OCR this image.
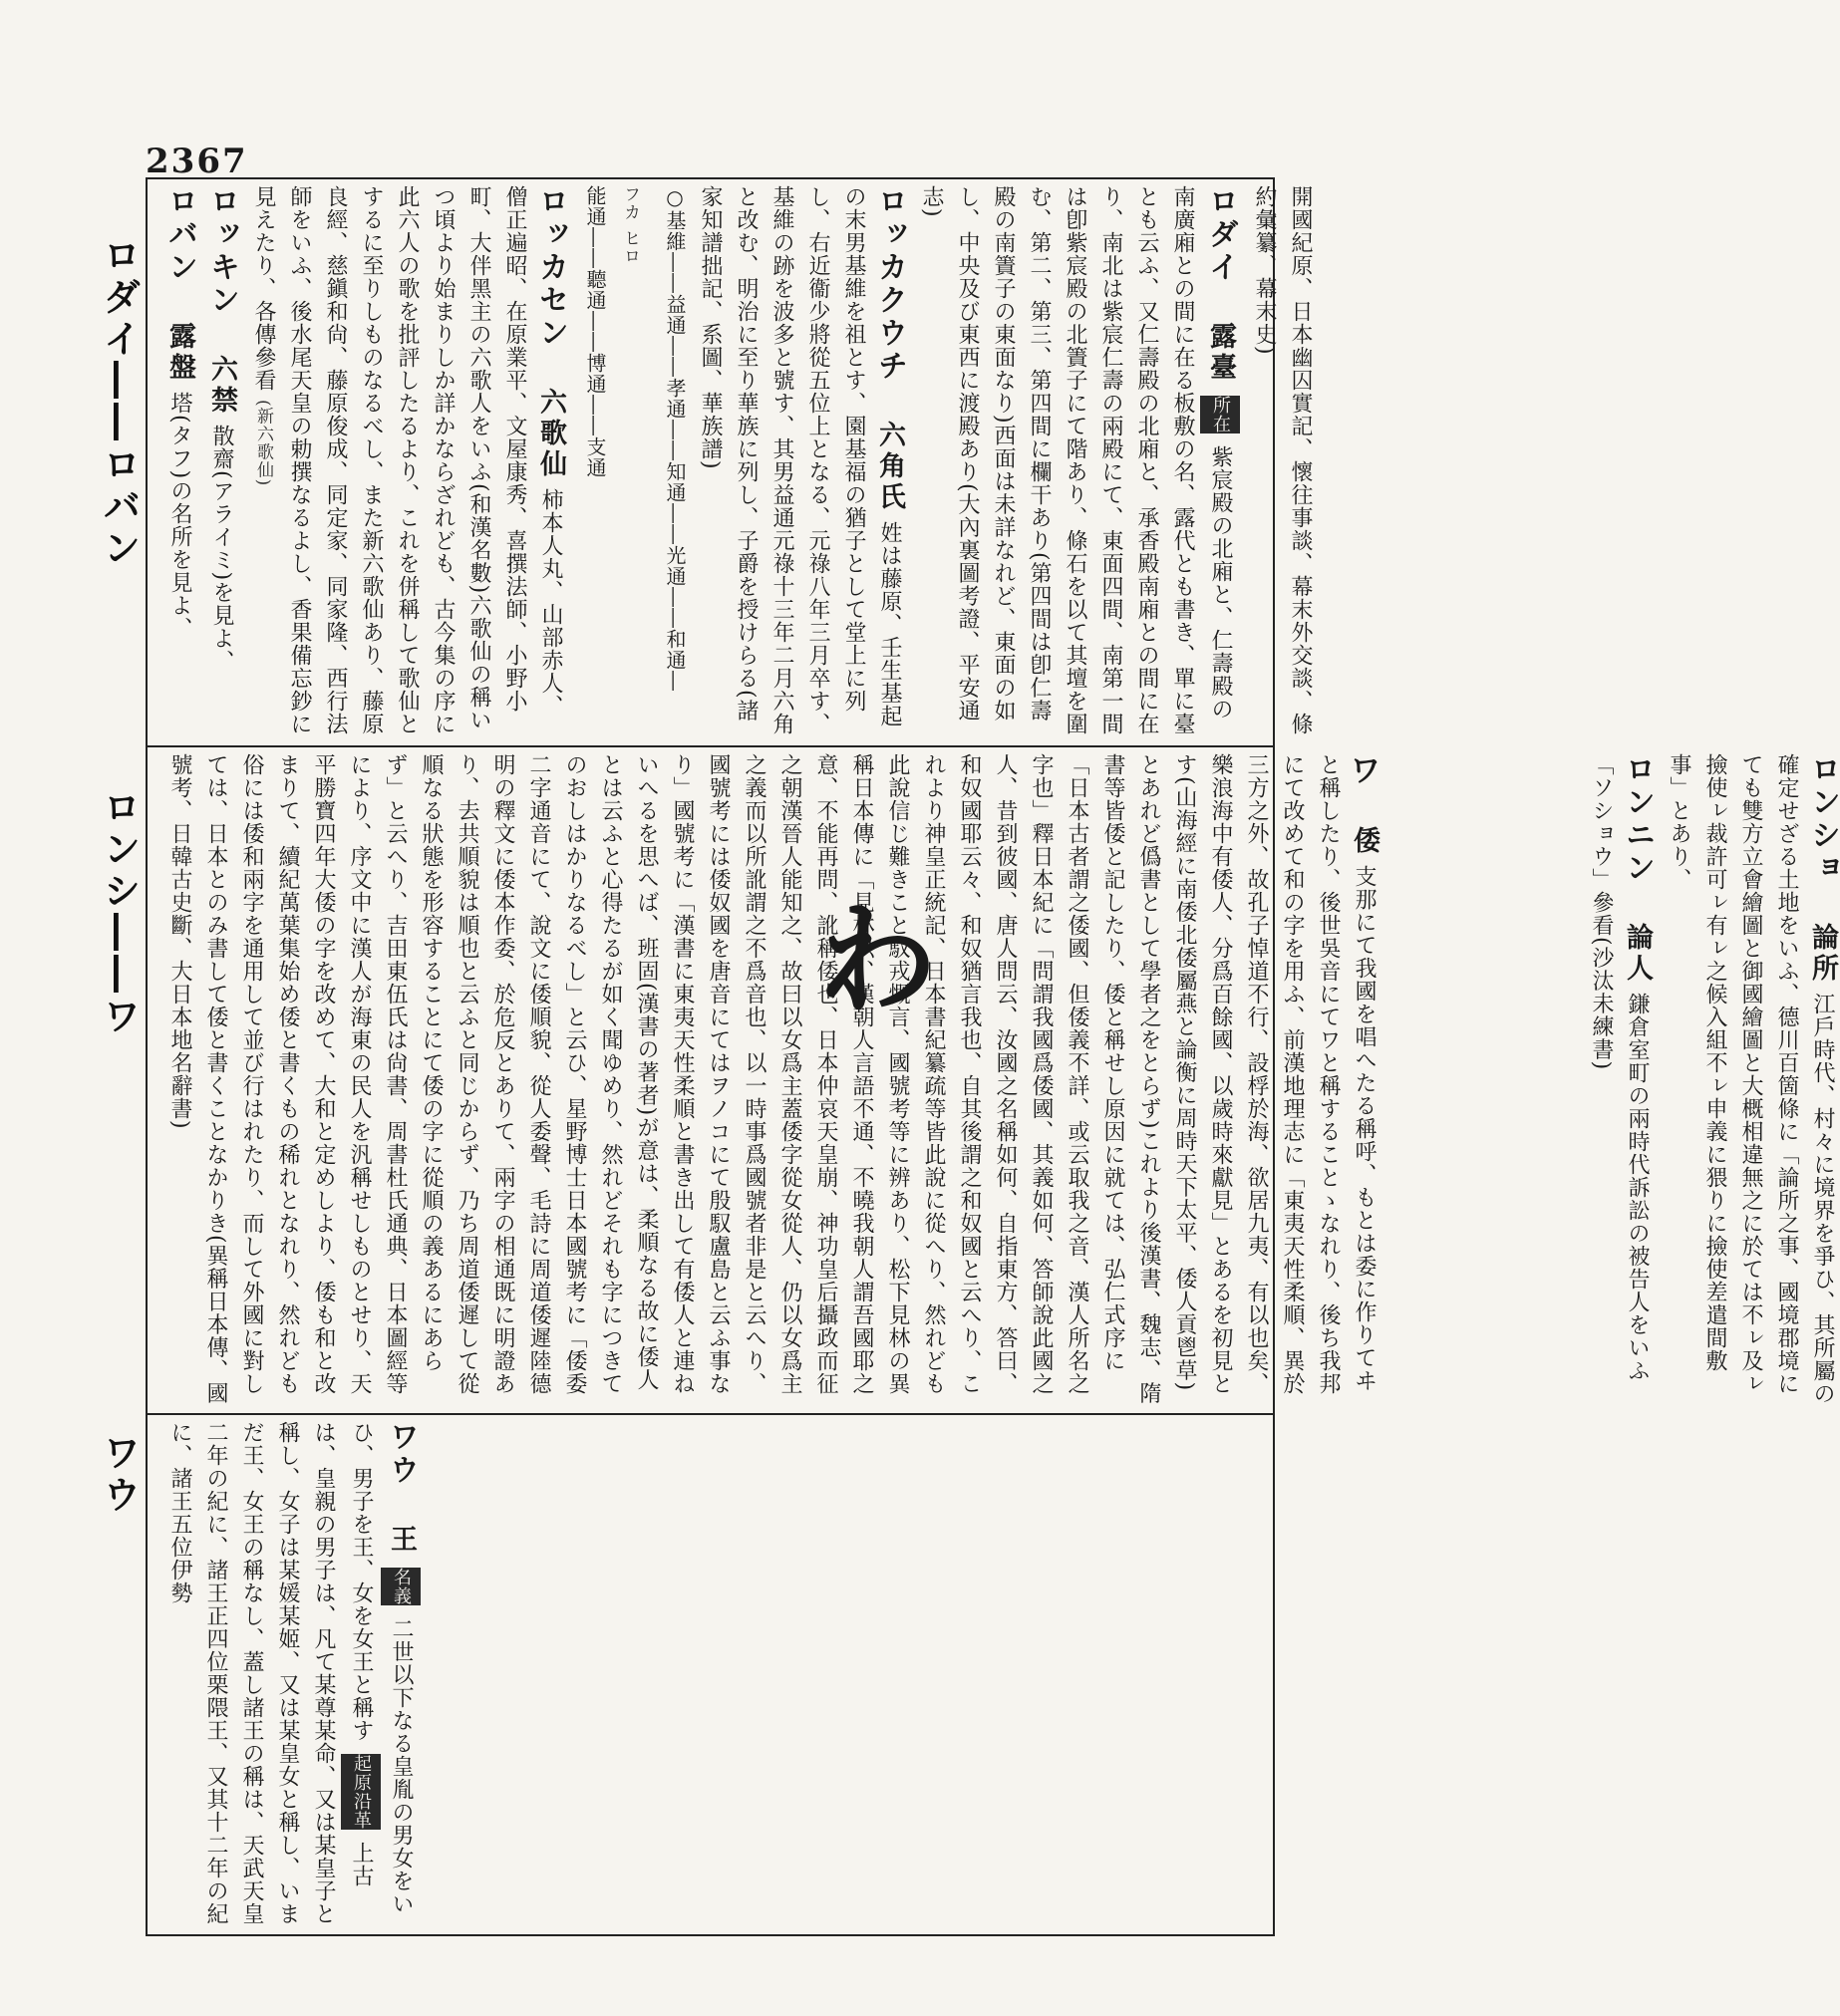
2367
ロダイ――ロバン
ロンシ――ワ
ワウ
開國紀原、日本幽囚實記、懷往事談、幕末外交談、條約彙纂、幕末史)
ロダイ 露臺 所在 紫宸殿の北廂と、仁壽殿の南廣廂との間に在る板敷の名、露代とも書き、單に臺とも云ふ、又仁壽殿の北廂と、承香殿南廂との間に在り、南北は紫宸仁壽の兩殿にて、東面四間、南第一間は卽紫宸殿の北簀子にて階あり、條石を以て其壇を圍む、第二、第三、第四間に欄干あり(第四間は卽仁壽殿の南簀子の東面なり)西面は未詳なれど、東面の如し、中央及び東西に渡殿あり(大內裏圖考證、平安通志)
ロッカクウチ 六角氏 姓は藤原、壬生基起の末男基維を祖とす、園基福の猶子として堂上に列し、右近衞少將從五位上となる、元祿八年三月卒す、基維の跡を波多と號す、其男益通元祿十三年二月六角と改む、明治に至り華族に列し、子爵を授けらる(諸家知譜拙記、系圖、華族譜)
○基維――益通――孝通――知通――光通――和通―
フカ ヒロ
能通――聽通――博通――支通
ロッカセン 六歌仙 柿本人丸、山部赤人、僧正遍昭、在原業平、文屋康秀、喜撰法師、小野小町、大伴黑主の六歌人をいふ(和漢名數)六歌仙の稱いつ頃より始まりしか詳かならざれども、古今集の序に此六人の歌を批評したるより、これを併稱して歌仙とするに至りしものなるべし、また新六歌仙あり、藤原良經、慈鎭和尙、藤原俊成、同定家、同家隆、西行法師をいふ、後水尾天皇の勅撰なるよし、香果備忘鈔に見えたり、各傳參看 (新六歌仙)
ロッキン 六禁 散齋(アライミ)を見よ、
ロバン 露盤 塔(タフ)の名所を見よ、
ロンショ 論所 江戶時代、村々に境界を爭ひ、其所屬の確定せざる土地をいふ、德川百箇條に「論所之事、國境郡境にても雙方立會繪圖と御國繪圖と大概相違無之に於ては不ㇾ及ㇾ撿使ㇾ裁許可ㇾ有ㇾ之候入組不ㇾ申義に猥りに撿使差遣間敷事」とあり、
ロンニン 論人 鎌倉室町の兩時代訴訟の被告人をいふ「ソショウ」參看(沙汰未練書)
ワ 倭 支那にて我國を唱へたる稱呼、もとは委に作りてヰと稱したり、後世吳音にてワと稱することゝなれり、後ち我邦にて改めて和の字を用ふ、前漢地理志に「東夷天性柔順、異於三方之外、故孔子悼道不行、設桴於海、欲居九夷、有以也矣、樂浪海中有倭人、分爲百餘國、以歲時來獻見」とあるを初見とす(山海經に南倭北倭屬燕と論衡に周時天下太平、倭人貢鬯草)とあれど僞書として學者之をとらず)これより後漢書、魏志、隋書等皆倭と記したり、倭と稱せし原因に就ては、弘仁式序に「日本古者謂之倭國、但倭義不詳、或云取我之音、漢人所名之字也」釋日本紀に「問謂我國爲倭國、其義如何、答師說此國之人、昔到彼國、唐人問云、汝國之名稱如何、自指東方、答曰、和奴國耶云々、和奴猶言我也、自其後謂之和奴國と云へり、これより神皇正統記、日本書紀纂疏等皆此說に從へり、然れども此說信じ難きこと馭戎慨言、國號考等に辨あり、松下見林の異稱日本傳に「見林以、漢朝人言語不通、不曉我朝人謂吾國耶之意、不能再問、訛稱倭也、日本仲哀天皇崩、神功皇后攝政而征之朝漢晉人能知之、故曰以女爲主蓋倭字從女從人、仍以女爲主之義而以所訛謂之不爲音也、以一時事爲國號者非是と云へり、國號考には倭奴國を唐音にてはヲノコにて殷馭盧島と云ふ事なり」國號考に「漢書に東夷天性柔順と書き出して有倭人と連ねいへるを思へば、班固(漢書の著者)が意は、柔順なる故に倭人とは云ふと心得たるが如く聞ゆめり、然れどそれも字につきてのおしはかりなるべし」と云ひ、星野博士日本國號考に「倭委二字通音にて、說文に倭順貌、從人委聲、毛詩に周道倭遲陸德明の釋文に倭本作委、於危反とありて、兩字の相通既に明證あり、去共順貌は順也と云ふと同じからず、乃ち周道倭遲して從順なる狀態を形容することにて倭の字に從順の義あるにあらず」と云へり、吉田東伍氏は尙書、周書杜氏通典、日本圖經等により、序文中に漢人が海東の民人を汎稱せしものとせり、天平勝寶四年大倭の字を改めて、大和と定めしより、倭も和と改まりて、續紀萬葉集始め倭と書くもの稀れとなれり、然れども俗には倭和兩字を通用して並び行はれたり、而して外國に對しては、日本とのみ書して倭と書くことなかりき(異稱日本傳、國號考、日韓古史斷、大日本地名辭書)	わ
ワウ 王 名義 二世以下なる皇胤の男女をいひ、男子を王、女を女王と稱す 起原沿革 上古は、皇親の男子は、凡て某尊某命、又は某皇子と稱し、女子は某媛某姬、又は某皇女と稱し、いまだ王、女王の稱なし、蓋し諸王の稱は、天武天皇二年の紀に、諸王正四位栗隈王、又其十二年の紀に、諸王五位伊勢
